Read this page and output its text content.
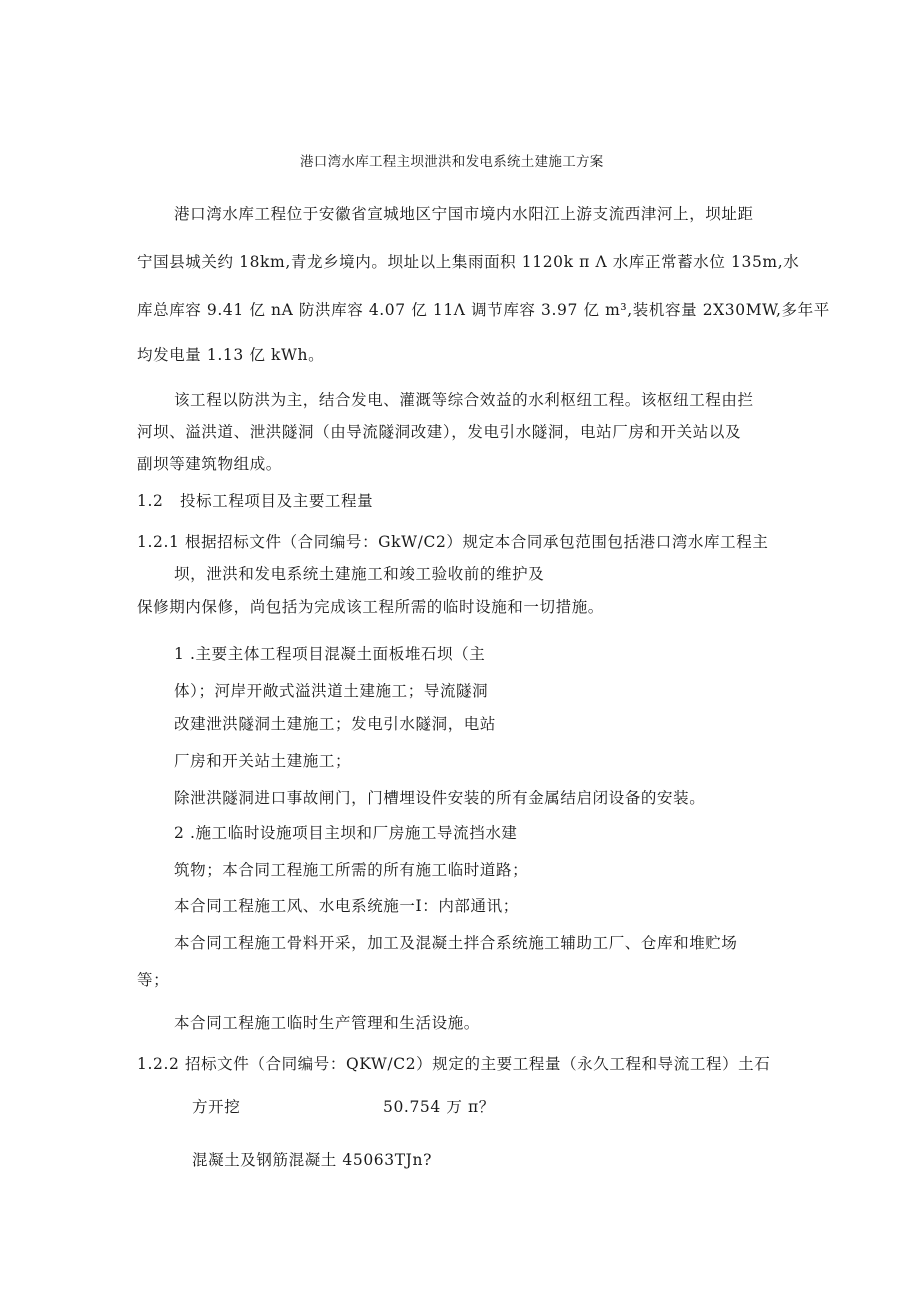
港口湾水库工程主坝泄洪和发电系统土建施工方案
港口湾水库工程位于安徽省宣城地区宁国市境内水阳江上游支流西津河上，坝址距
宁国县城关约 18km,青龙乡境内。坝址以上集雨面积 1120k π Λ 水库正常蓄水位 135m,水
库总库容 9.41 亿 nA 防洪库容 4.07 亿 11Λ 调节库容 3.97 亿 m³,装机容量 2X30MW,多年平
均发电量 1.13 亿 kWh。
该工程以防洪为主，结合发电、灌溉等综合效益的水利枢纽工程。该枢纽工程由拦
河坝、溢洪道、泄洪隧洞（由导流隧洞改建），发电引水隧洞，电站厂房和开关站以及
副坝等建筑物组成。
1.2   投标工程项目及主要工程量
1.2.1 根据招标文件（合同编号：GkW/C2）规定本合同承包范围包括港口湾水库工程主
坝，泄洪和发电系统土建施工和竣工验收前的维护及
保修期内保修，尚包括为完成该工程所需的临时设施和一切措施。
1 .主要主体工程项目混凝土面板堆石坝（主
体）；河岸开敞式溢洪道土建施工；导流隧洞
改建泄洪隧洞土建施工；发电引水隧洞，电站
厂房和开关站土建施工；
除泄洪隧洞进口事故闸门，门槽埋设件安装的所有金属结启闭设备的安装。
2 .施工临时设施项目主坝和厂房施工导流挡水建
筑物；本合同工程施工所需的所有施工临时道路；
本合同工程施工风、水电系统施一I：内部通讯；
本合同工程施工骨料开采，加工及混凝土拌合系统施工辅助工厂、仓库和堆贮场
等；
本合同工程施工临时生产管理和生活设施。
1.2.2 招标文件（合同编号：QKW/C2）规定的主要工程量（永久工程和导流工程）土石
方开挖	50.754 万 π？
混凝土及钢筋混凝土 45063TJn?
